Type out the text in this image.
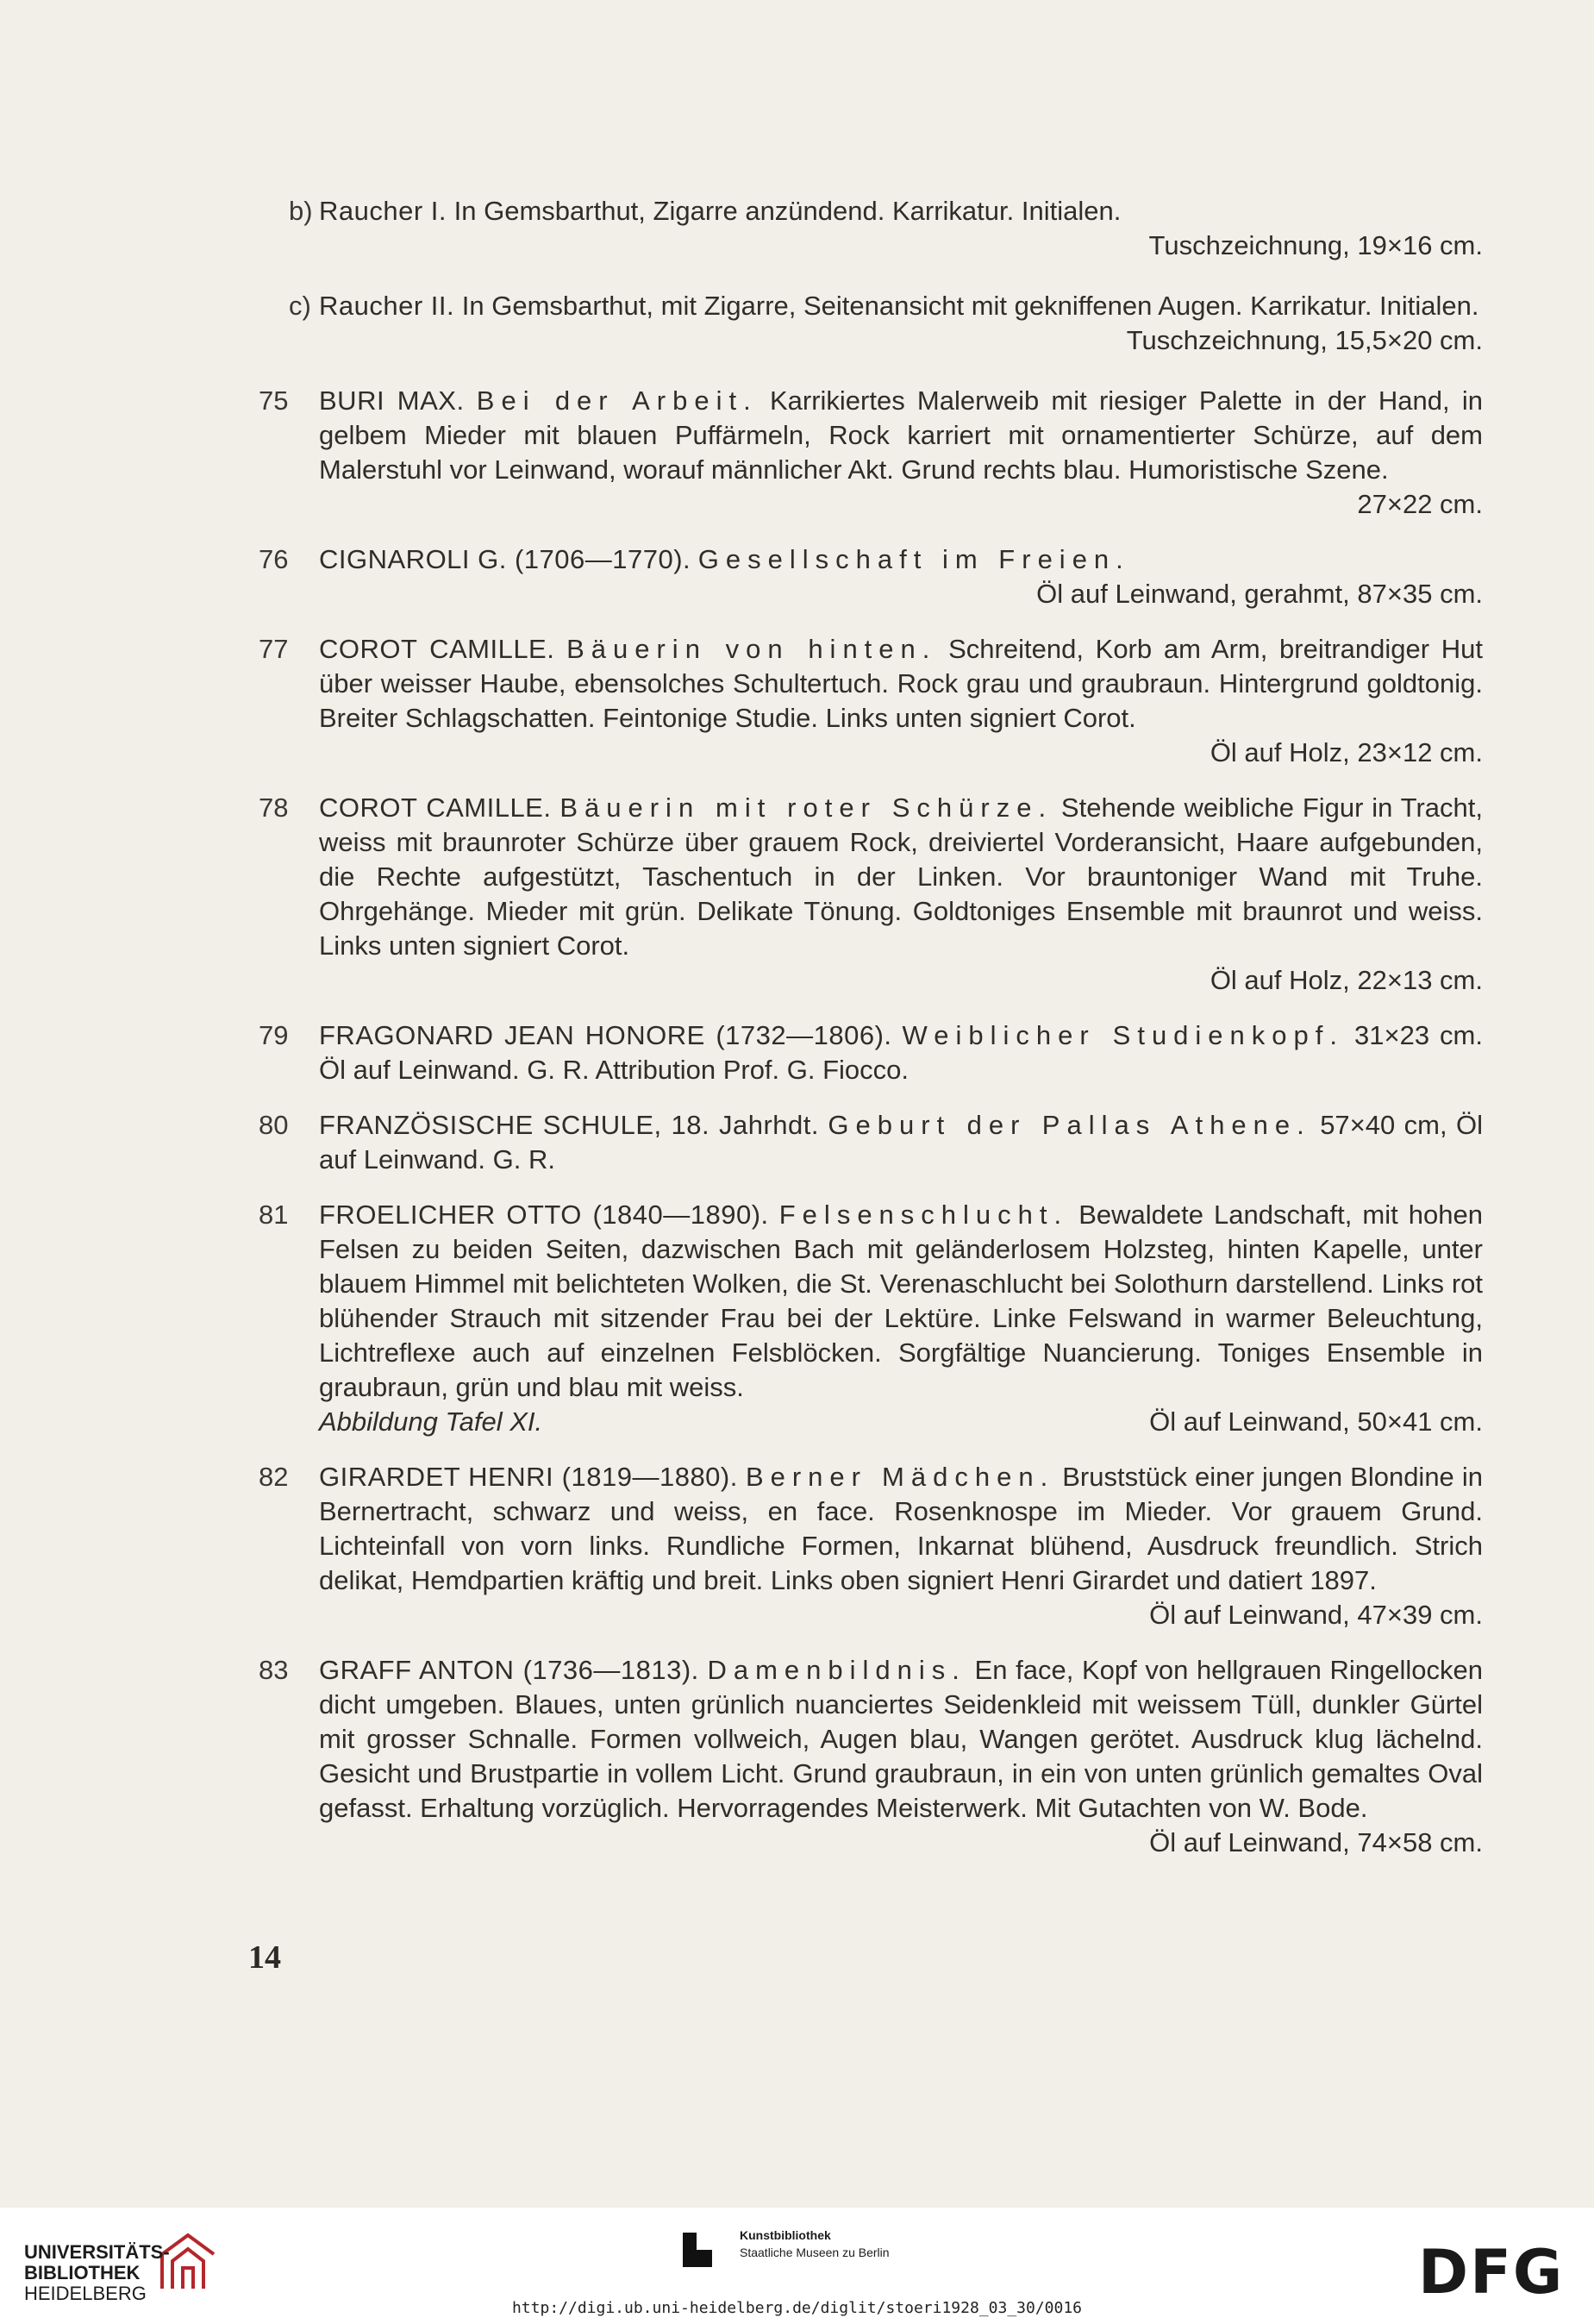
b) Raucher I. In Gemsbarthut, Zigarre anzündend. Karrikatur. Initialen.
Tuschzeichnung, 19×16 cm.
c) Raucher II. In Gemsbarthut, mit Zigarre, Seitenansicht mit gekniffenen Augen. Karrikatur. Initialen.
Tuschzeichnung, 15,5×20 cm.
75	BURI MAX. Bei der Arbeit. Karrikiertes Malerweib mit riesiger Palette in der Hand, in gelbem Mieder mit blauen Puffärmeln, Rock karriert mit ornamentierter Schürze, auf dem Malerstuhl vor Leinwand, worauf männlicher Akt. Grund rechts blau. Humoristische Szene.
27×22 cm.
76	CIGNAROLI G. (1706—1770). Gesellschaft im Freien.
Öl auf Leinwand, gerahmt, 87×35 cm.
77	COROT CAMILLE. Bäuerin von hinten. Schreitend, Korb am Arm, breitrandiger Hut über weisser Haube, ebensolches Schultertuch. Rock grau und graubraun. Hintergrund goldtonig. Breiter Schlagschatten. Feintonige Studie. Links unten signiert Corot.
Öl auf Holz, 23×12 cm.
78	COROT CAMILLE. Bäuerin mit roter Schürze. Stehende weibliche Figur in Tracht, weiss mit braunroter Schürze über grauem Rock, dreiviertel Vorderansicht, Haare aufgebunden, die Rechte aufgestützt, Taschentuch in der Linken. Vor brauntoniger Wand mit Truhe. Ohrgehänge. Mieder mit grün. Delikate Tönung. Goldtoniges Ensemble mit braunrot und weiss. Links unten signiert Corot.
Öl auf Holz, 22×13 cm.
79	FRAGONARD JEAN HONORE (1732—1806). Weiblicher Studienkopf. 31×23 cm. Öl auf Leinwand. G. R. Attribution Prof. G. Fiocco.
80	FRANZÖSISCHE SCHULE, 18. Jahrhdt. Geburt der Pallas Athene. 57×40 cm, Öl auf Leinwand. G. R.
81	FROELICHER OTTO (1840—1890). Felsenschlucht. Bewaldete Landschaft, mit hohen Felsen zu beiden Seiten, dazwischen Bach mit geländerlosem Holzsteg, hinten Kapelle, unter blauem Himmel mit belichteten Wolken, die St. Verenaschlucht bei Solothurn darstellend. Links rot blühender Strauch mit sitzender Frau bei der Lektüre. Linke Felswand in warmer Beleuchtung, Lichtreflexe auch auf einzelnen Felsblöcken. Sorgfältige Nuancierung. Toniges Ensemble in graubraun, grün und blau mit weiss.
Abbildung Tafel XI.	Öl auf Leinwand, 50×41 cm.
82	GIRARDET HENRI (1819—1880). Berner Mädchen. Bruststück einer jungen Blondine in Bernertracht, schwarz und weiss, en face. Rosenknospe im Mieder. Vor grauem Grund. Lichteinfall von vorn links. Rundliche Formen, Inkarnat blühend, Ausdruck freundlich. Strich delikat, Hemdpartien kräftig und breit. Links oben signiert Henri Girardet und datiert 1897.
Öl auf Leinwand, 47×39 cm.
83	GRAFF ANTON (1736—1813). Damenbildnis. En face, Kopf von hellgrauen Ringellocken dicht umgeben. Blaues, unten grünlich nuanciertes Seidenkleid mit weissem Tüll, dunkler Gürtel mit grosser Schnalle. Formen vollweich, Augen blau, Wangen gerötet. Ausdruck klug lächelnd. Gesicht und Brustpartie in vollem Licht. Grund graubraun, in ein von unten grünlich gemaltes Oval gefasst. Erhaltung vorzüglich. Hervorragendes Meisterwerk. Mit Gutachten von W. Bode.
Öl auf Leinwand, 74×58 cm.
14
UNIVERSITÄTS-
BIBLIOTHEK
HEIDELBERG
Kunstbibliothek
Staatliche Museen zu Berlin	DFG
http://digi.ub.uni-heidelberg.de/diglit/stoeri1928_03_30/0016
